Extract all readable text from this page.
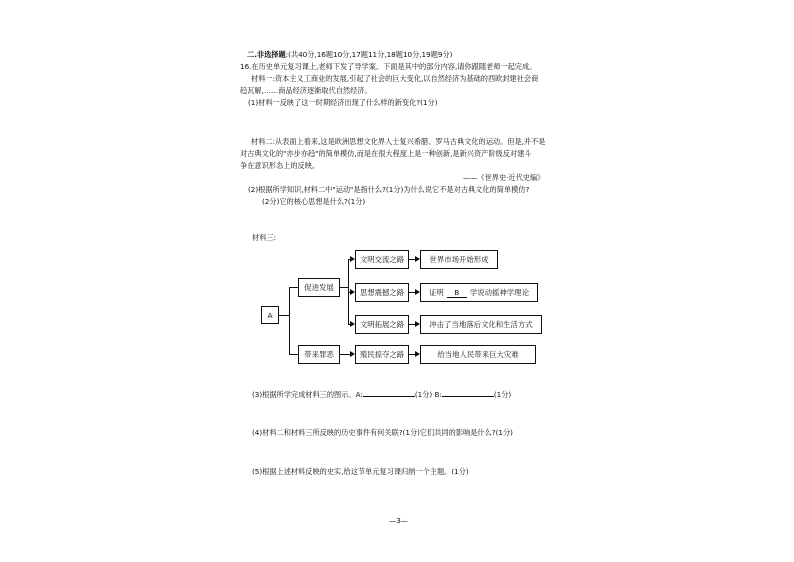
二.非选择题:(共40分,16题10分,17题11分,18题10分,19题9分)
16.在历史单元复习课上,老师下发了导学案。下面是其中的部分内容,请你跟随老师一起完成。
材料一:资本主义工商业的发展,引起了社会的巨大变化,以自然经济为基础的西欧封建社会商
趋瓦解,……商品经济逐渐取代自然经济。
(1)材料一反映了这一时期经济出现了什么样的新变化?(1分)
材料二:从表面上看来,这是欧洲思想文化界人士复兴希腊、罗马古典文化的运动。但是,并不是
对古典文化的"亦步亦趋"的简单模仿,而是在很大程度上是一种创新,是新兴资产阶级反对建斗
争在意识形态上的反映。
——《世界史·近代史编》
(2)根据所学知识,材料二中"运动"是指什么?(1分)为什么说它不是对古典文化的简单模仿?
(2分)它的核心思想是什么?(1分)
材料三:
A
促进发展
带来罪恶
文明交流之路
思想震撼之路
文明拓展之路
殖民掠夺之路
世界市场开始形成
证明	B	学说动摇神学理论
冲击了当地落后文化和生活方式
给当地人民带来巨大灾难
(3)根据所学完成材料三的图示。A:	(1分) B:	(1分)
(4)材料二和材料三所反映的历史事件有何关联?(1分)它们共同的影响是什么?(1分)
(5)根据上述材料反映的史实,给这节单元复习课归纳一个主题。(1分)
—3—
